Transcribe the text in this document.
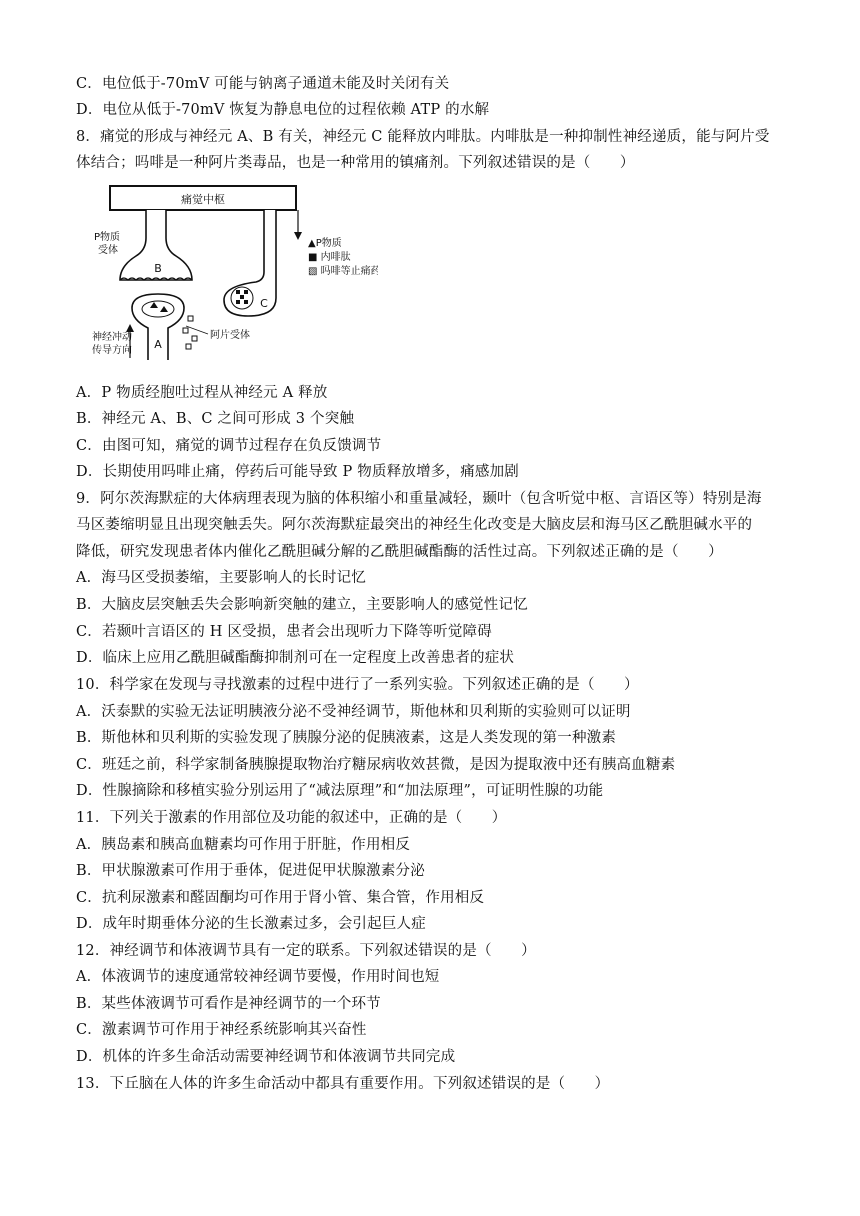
C．电位低于-70mV 可能与钠离子通道未能及时关闭有关
D．电位从低于-70mV 恢复为静息电位的过程依赖 ATP 的水解
8．痛觉的形成与神经元 A、B 有关，神经元 C 能释放内啡肽。内啡肽是一种抑制性神经递质，能与阿片受
体结合；吗啡是一种阿片类毒品，也是一种常用的镇痛剂。下列叙述错误的是（　　）
A．P 物质经胞吐过程从神经元 A 释放
B．神经元 A、B、C 之间可形成 3 个突触
C．由图可知，痛觉的调节过程存在负反馈调节
D．长期使用吗啡止痛，停药后可能导致 P 物质释放增多，痛感加剧
9．阿尔茨海默症的大体病理表现为脑的体积缩小和重量减轻，颞叶（包含听觉中枢、言语区等）特别是海
马区萎缩明显且出现突触丢失。阿尔茨海默症最突出的神经生化改变是大脑皮层和海马区乙酰胆碱水平的
降低，研究发现患者体内催化乙酰胆碱分解的乙酰胆碱酯酶的活性过高。下列叙述正确的是（　　）
A．海马区受损萎缩，主要影响人的长时记忆
B．大脑皮层突触丢失会影响新突触的建立，主要影响人的感觉性记忆
C．若颞叶言语区的 H 区受损，患者会出现听力下降等听觉障碍
D．临床上应用乙酰胆碱酯酶抑制剂可在一定程度上改善患者的症状
10．科学家在发现与寻找激素的过程中进行了一系列实验。下列叙述正确的是（　　）
A．沃泰默的实验无法证明胰液分泌不受神经调节，斯他林和贝利斯的实验则可以证明
B．斯他林和贝利斯的实验发现了胰腺分泌的促胰液素，这是人类发现的第一种激素
C．班廷之前，科学家制备胰腺提取物治疗糖尿病收效甚微，是因为提取液中还有胰高血糖素
D．性腺摘除和移植实验分别运用了“减法原理”和“加法原理”，可证明性腺的功能
11．下列关于激素的作用部位及功能的叙述中，正确的是（　　）
A．胰岛素和胰高血糖素均可作用于肝脏，作用相反
B．甲状腺激素可作用于垂体，促进促甲状腺激素分泌
C．抗利尿激素和醛固酮均可作用于肾小管、集合管，作用相反
D．成年时期垂体分泌的生长激素过多，会引起巨人症
12．神经调节和体液调节具有一定的联系。下列叙述错误的是（　　）
A．体液调节的速度通常较神经调节要慢，作用时间也短
B．某些体液调节可看作是神经调节的一个环节
C．激素调节可作用于神经系统影响其兴奋性
D．机体的许多生命活动需要神经调节和体液调节共同完成
13．下丘脑在人体的许多生命活动中都具有重要作用。下列叙述错误的是（　　）
痛觉中枢
B
P物质
受体
A
神经冲动
传导方向
C
阿片受体
▲P物质
■ 内啡肽
▧ 吗啡等止痛药
